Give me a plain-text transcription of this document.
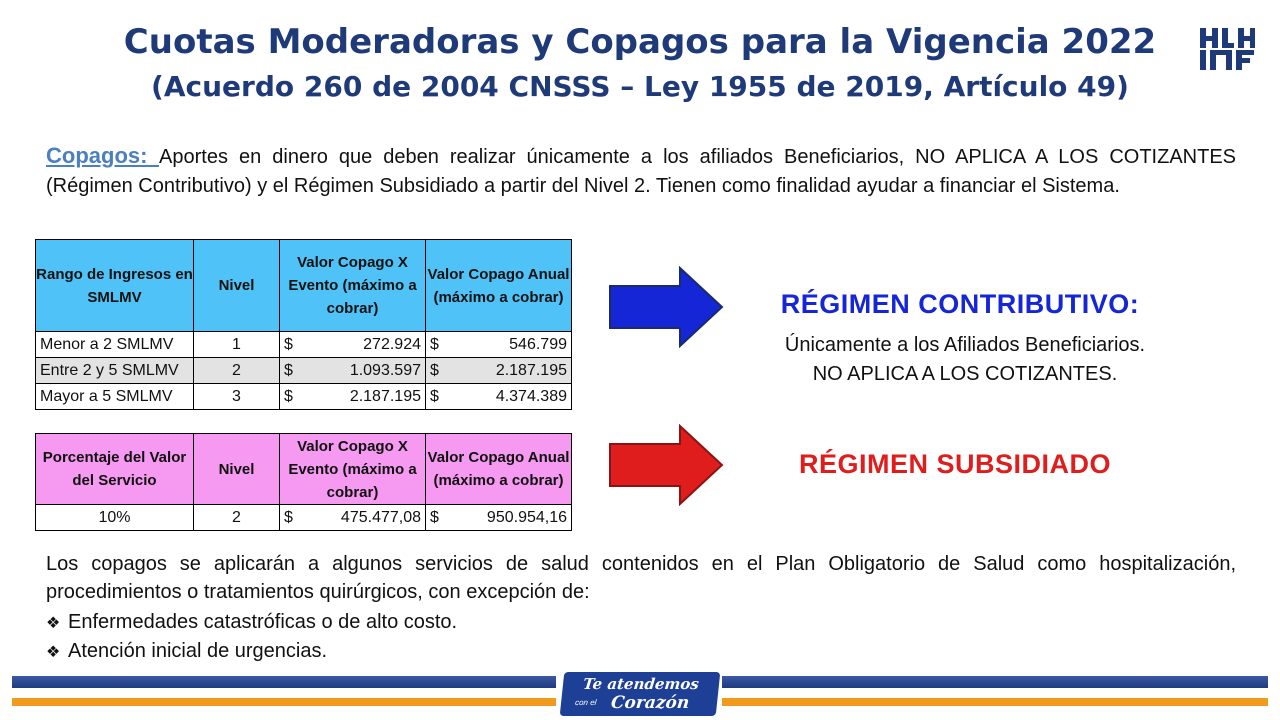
Cuotas Moderadoras y Copagos para la Vigencia 2022
(Acuerdo 260 de 2004 CNSSS – Ley 1955 de 2019, Artículo 49)
Copagos: Aportes en dinero que deben realizar únicamente a los afiliados Beneficiarios, NO APLICA A LOS COTIZANTES (Régimen Contributivo) y el Régimen Subsidiado a partir del Nivel 2. Tienen como finalidad ayudar a financiar el Sistema.
Rango de Ingresos en SMLMV	Nivel	Valor Copago X Evento (máximo a cobrar)	Valor Copago Anual (máximo a cobrar)
Menor a 2 SMLMV	1	$ 272.924	$ 546.799

Entre 2 y 5 SMLMV	2	$ 1.093.597	$ 2.187.195

Mayor a 5 SMLMV	3	$ 2.187.195	$ 4.374.389
Porcentaje del Valor del Servicio	Nivel	Valor Copago X Evento (máximo a cobrar)	Valor Copago Anual (máximo a cobrar)
10%	2	$ 475.477,08	$ 950.954,16
RÉGIMEN CONTRIBUTIVO:
Únicamente a los Afiliados Beneficiarios.
NO APLICA A LOS COTIZANTES.
RÉGIMEN SUBSIDIADO
Los copagos se aplicarán a algunos servicios de salud contenidos en el Plan Obligatorio de Salud como hospitalización, procedimientos o tratamientos quirúrgicos, con excepción de:
❖ Enfermedades catastróficas o de alto costo.
❖ Atención inicial de urgencias.
Te atendemos
con el Corazón
